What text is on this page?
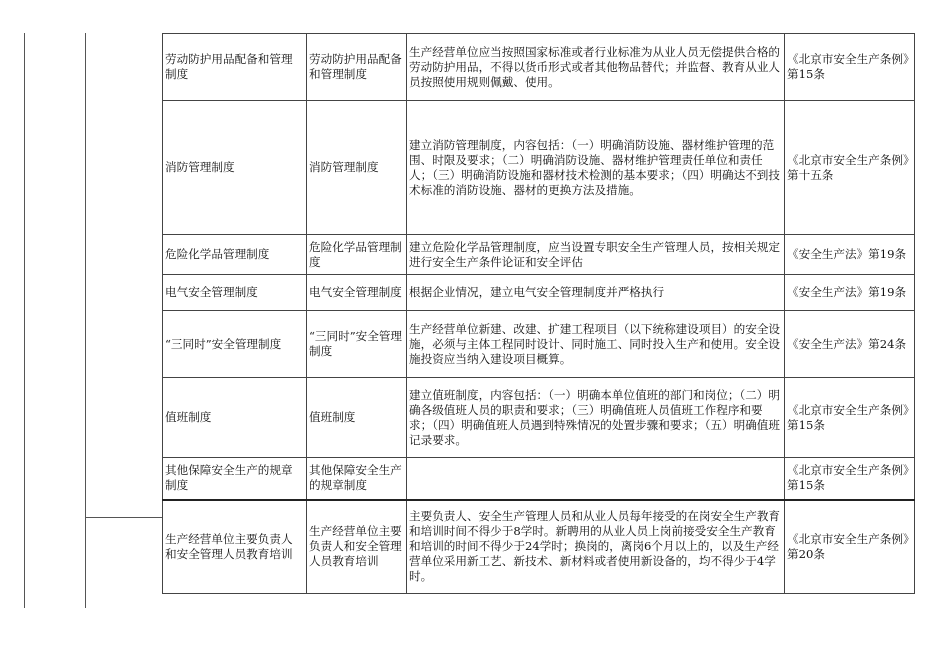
劳动防护用品配备和管理制度	劳动防护用品配备和管理制度	生产经营单位应当按照国家标准或者行业标准为从业人员无偿提供合格的劳动防护用品，不得以货币形式或者其他物品替代；并监督、教育从业人员按照使用规则佩戴、使用。	《北京市安全生产条例》第15条
消防管理制度	消防管理制度	建立消防管理制度，内容包括：（一）明确消防设施、器材维护管理的范围、时限及要求；（二）明确消防设施、器材维护管理责任单位和责任人；（三）明确消防设施和器材技术检测的基本要求；（四）明确达不到技术标准的消防设施、器材的更换方法及措施。	《北京市安全生产条例》第十五条
危险化学品管理制度	危险化学品管理制度	建立危险化学品管理制度，应当设置专职安全生产管理人员，按相关规定进行安全生产条件论证和安全评估	《安全生产法》第19条
电气安全管理制度	电气安全管理制度	根据企业情况，建立电气安全管理制度并严格执行	《安全生产法》第19条
“三同时”安全管理制度	“三同时”安全管理制度	生产经营单位新建、改建、扩建工程项目（以下统称建设项目）的安全设施，必须与主体工程同时设计、同时施工、同时投入生产和使用。安全设施投资应当纳入建设项目概算。	《安全生产法》第24条
值班制度	值班制度	建立值班制度，内容包括：（一）明确本单位值班的部门和岗位；（二）明确各级值班人员的职责和要求；（三）明确值班人员值班工作程序和要求；（四）明确值班人员遇到特殊情况的处置步骤和要求；（五）明确值班记录要求。	《北京市安全生产条例》第15条
其他保障安全生产的规章制度	其他保障安全生产的规章制度		《北京市安全生产条例》第15条
生产经营单位主要负责人和安全管理人员教育培训	生产经营单位主要负责人和安全管理人员教育培训	主要负责人、安全生产管理人员和从业人员每年接受的在岗安全生产教育和培训时间不得少于8学时。新聘用的从业人员上岗前接受安全生产教育和培训的时间不得少于24学时；换岗的，离岗6个月以上的，以及生产经营单位采用新工艺、新技术、新材料或者使用新设备的，均不得少于4学时。	《北京市安全生产条例》第20条
